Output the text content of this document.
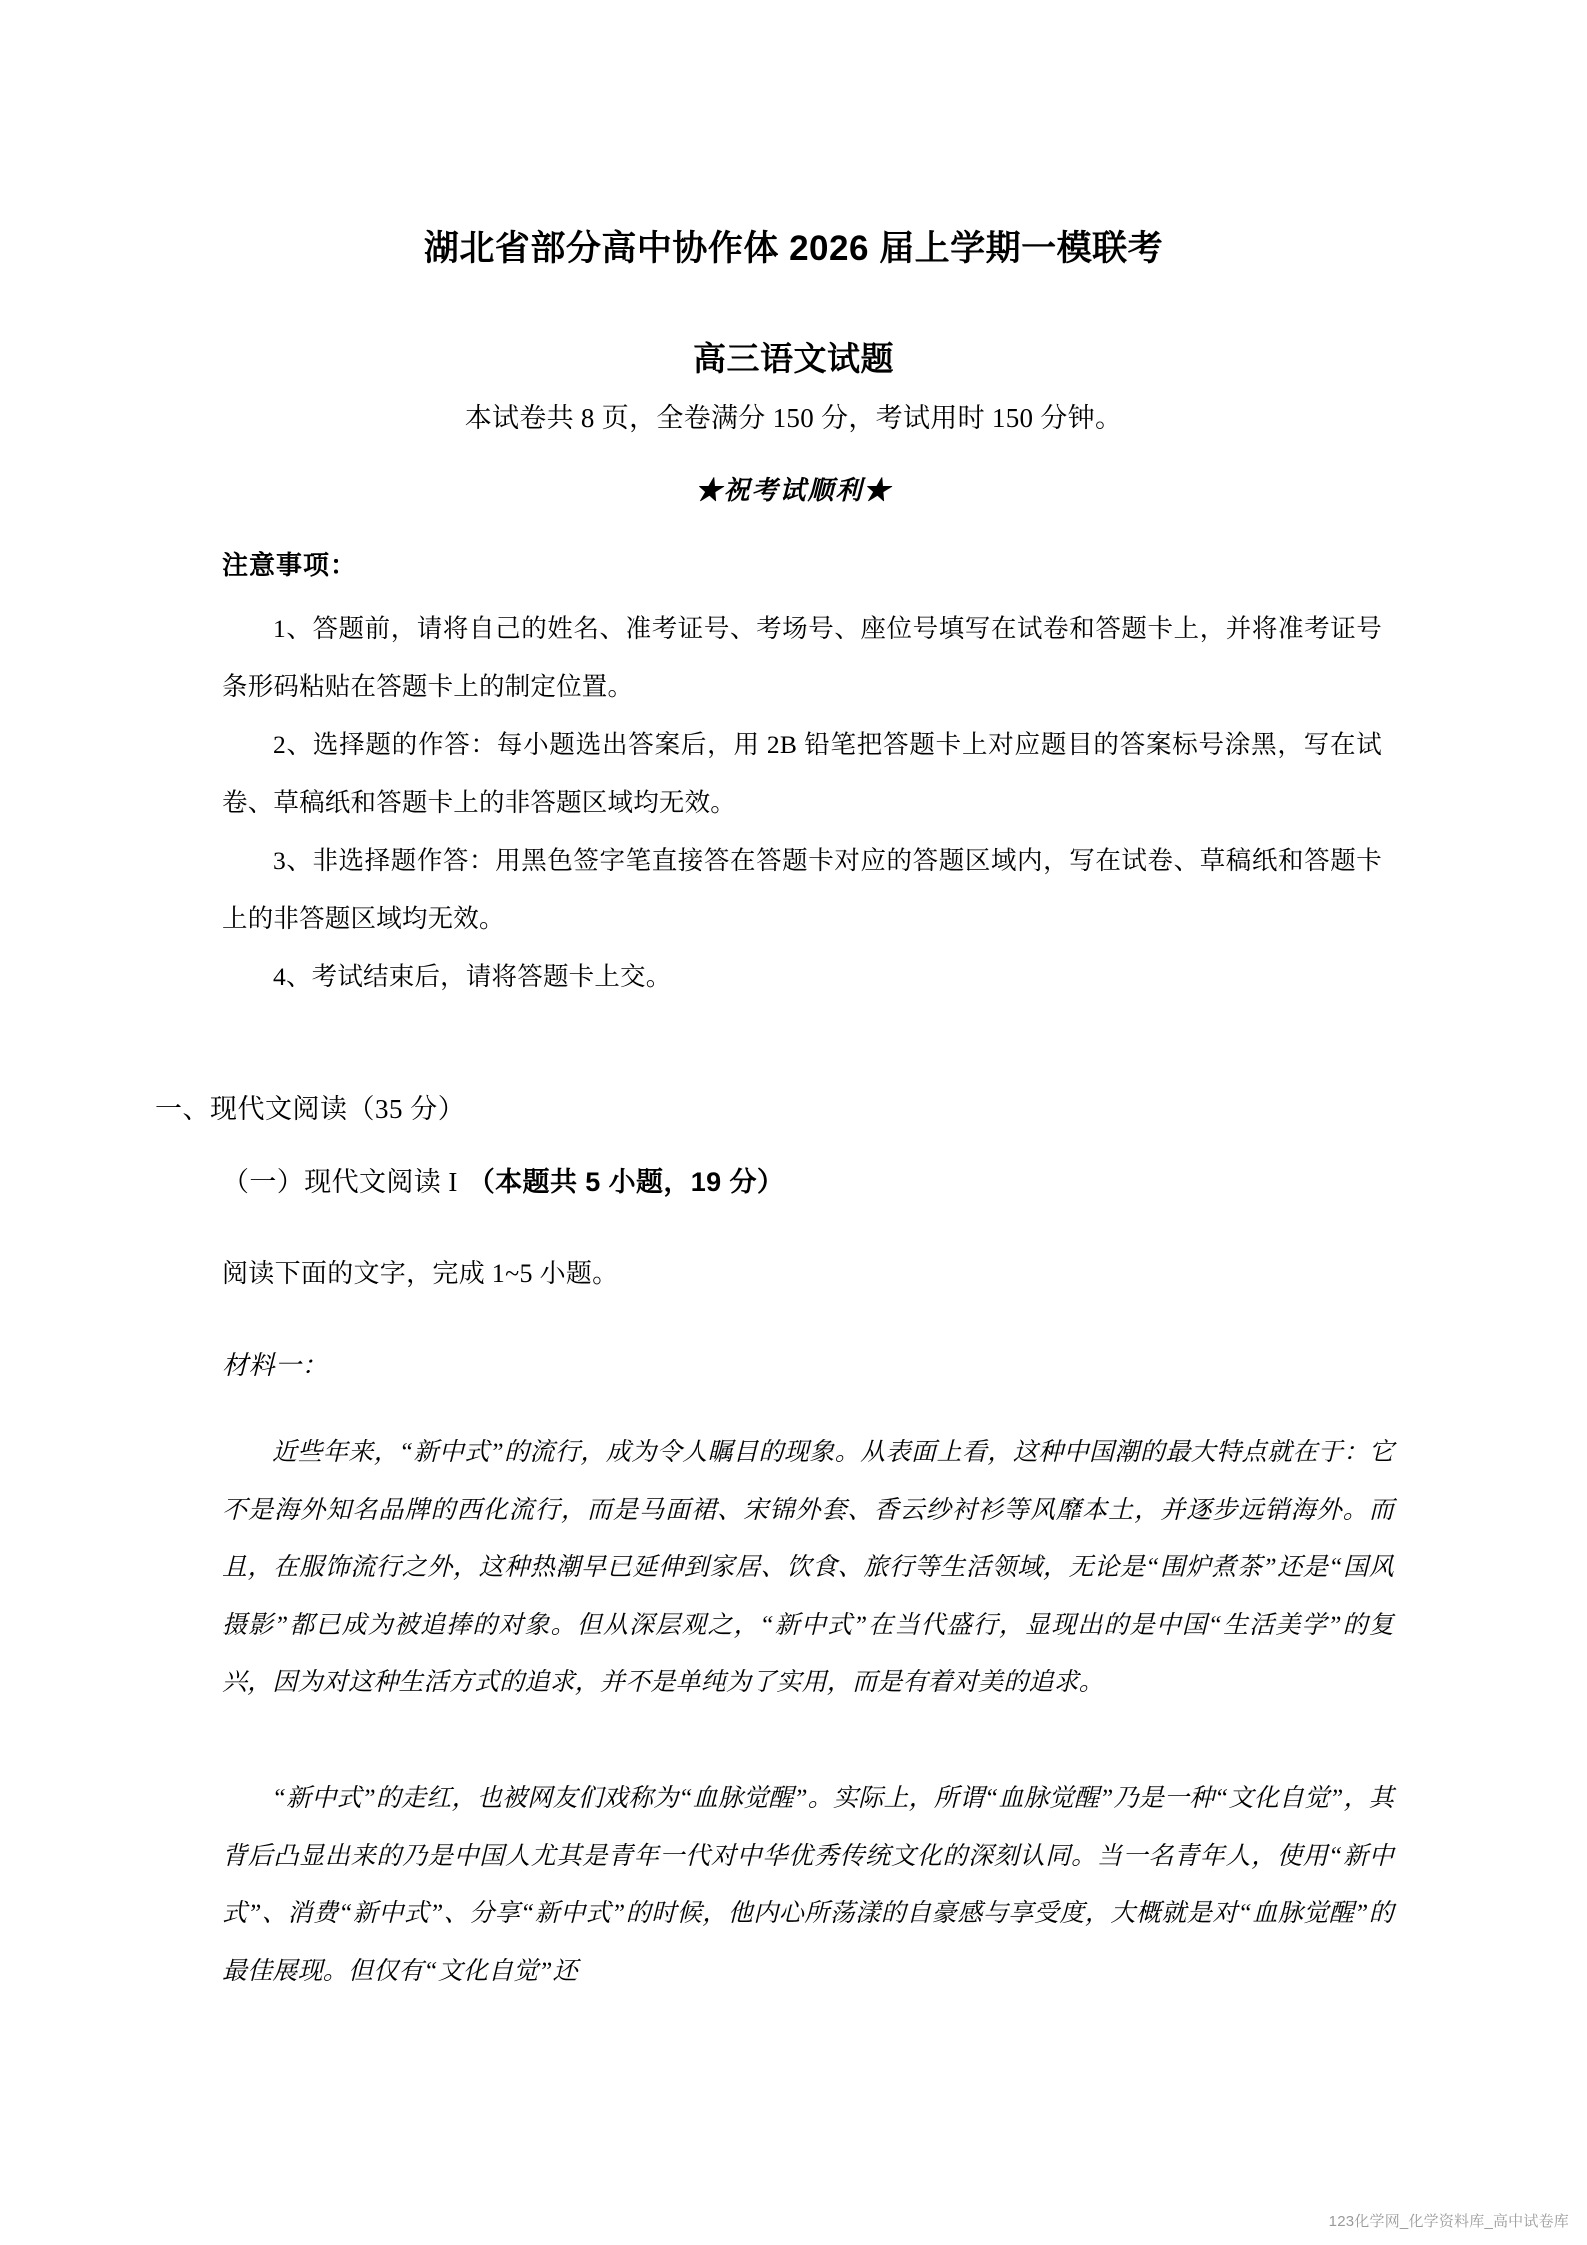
湖北省部分高中协作体 2026 届上学期一模联考
高三语文试题
本试卷共 8 页，全卷满分 150 分，考试用时 150 分钟。
★祝考试顺利★
注意事项：
1、答题前，请将自己的姓名、准考证号、考场号、座位号填写在试卷和答题卡上，并将准考证号条形码粘贴在答题卡上的制定位置。
2、选择题的作答：每小题选出答案后，用 2B 铅笔把答题卡上对应题目的答案标号涂黑，写在试卷、草稿纸和答题卡上的非答题区域均无效。
3、非选择题作答：用黑色签字笔直接答在答题卡对应的答题区域内，写在试卷、草稿纸和答题卡上的非答题区域均无效。
4、考试结束后，请将答题卡上交。
一、现代文阅读（35 分）
（一）现代文阅读 I （本题共 5 小题，19 分）
阅读下面的文字，完成 1~5 小题。
材料一：
近些年来，“新中式”的流行，成为令人瞩目的现象。从表面上看，这种中国潮的最大特点就在于：它不是海外知名品牌的西化流行，而是马面裙、宋锦外套、香云纱衬衫等风靡本土，并逐步远销海外。而且，在服饰流行之外，这种热潮早已延伸到家居、饮食、旅行等生活领域，无论是“围炉煮茶”还是“国风摄影”都已成为被追捧的对象。但从深层观之，“新中式”在当代盛行，显现出的是中国“生活美学”的复兴，因为对这种生活方式的追求，并不是单纯为了实用，而是有着对美的追求。
“新中式”的走红，也被网友们戏称为“血脉觉醒”。实际上，所谓“血脉觉醒”乃是一种“文化自觉”，其背后凸显出来的乃是中国人尤其是青年一代对中华优秀传统文化的深刻认同。当一名青年人，使用“新中式”、消费“新中式”、分享“新中式”的时候，他内心所荡漾的自豪感与享受度，大概就是对“血脉觉醒”的最佳展现。但仅有“文化自觉”还
123化学网_化学资料库_高中试卷库
